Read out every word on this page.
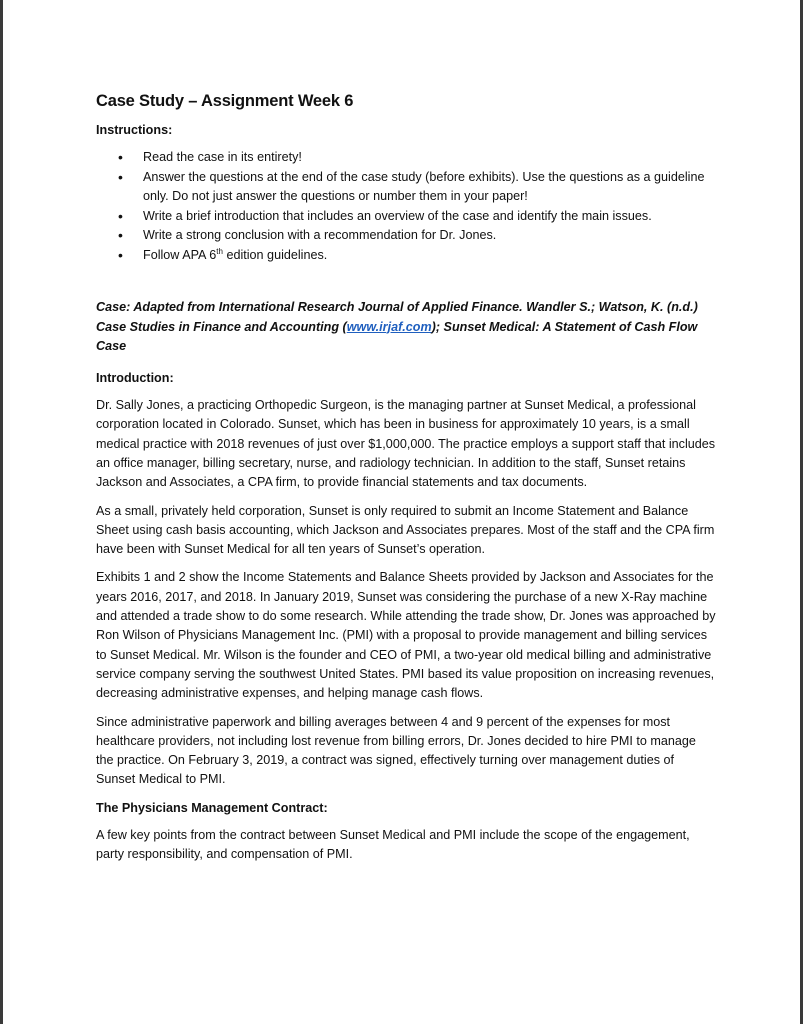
Case Study – Assignment Week 6

Instructions:

• Read the case in its entirety!
• Answer the questions at the end of the case study (before exhibits). Use the questions as a guideline only. Do not just answer the questions or number them in your paper!
• Write a brief introduction that includes an overview of the case and identify the main issues.
• Write a strong conclusion with a recommendation for Dr. Jones.
• Follow APA 6th edition guidelines.

Case: Adapted from International Research Journal of Applied Finance. Wandler S.; Watson, K. (n.d.) Case Studies in Finance and Accounting (www.irjaf.com); Sunset Medical: A Statement of Cash Flow Case

Introduction:

Dr. Sally Jones, a practicing Orthopedic Surgeon, is the managing partner at Sunset Medical, a professional corporation located in Colorado. Sunset, which has been in business for approximately 10 years, is a small medical practice with 2018 revenues of just over $1,000,000. The practice employs a support staff that includes an office manager, billing secretary, nurse, and radiology technician. In addition to the staff, Sunset retains Jackson and Associates, a CPA firm, to provide financial statements and tax documents.

As a small, privately held corporation, Sunset is only required to submit an Income Statement and Balance Sheet using cash basis accounting, which Jackson and Associates prepares. Most of the staff and the CPA firm have been with Sunset Medical for all ten years of Sunset’s operation.

Exhibits 1 and 2 show the Income Statements and Balance Sheets provided by Jackson and Associates for the years 2016, 2017, and 2018. In January 2019, Sunset was considering the purchase of a new X-Ray machine and attended a trade show to do some research. While attending the trade show, Dr. Jones was approached by Ron Wilson of Physicians Management Inc. (PMI) with a proposal to provide management and billing services to Sunset Medical. Mr. Wilson is the founder and CEO of PMI, a two-year old medical billing and administrative service company serving the southwest United States. PMI based its value proposition on increasing revenues, decreasing administrative expenses, and helping manage cash flows.

Since administrative paperwork and billing averages between 4 and 9 percent of the expenses for most healthcare providers, not including lost revenue from billing errors, Dr. Jones decided to hire PMI to manage the practice. On February 3, 2019, a contract was signed, effectively turning over management duties of Sunset Medical to PMI.

The Physicians Management Contract:

A few key points from the contract between Sunset Medical and PMI include the scope of the engagement, party responsibility, and compensation of PMI.
